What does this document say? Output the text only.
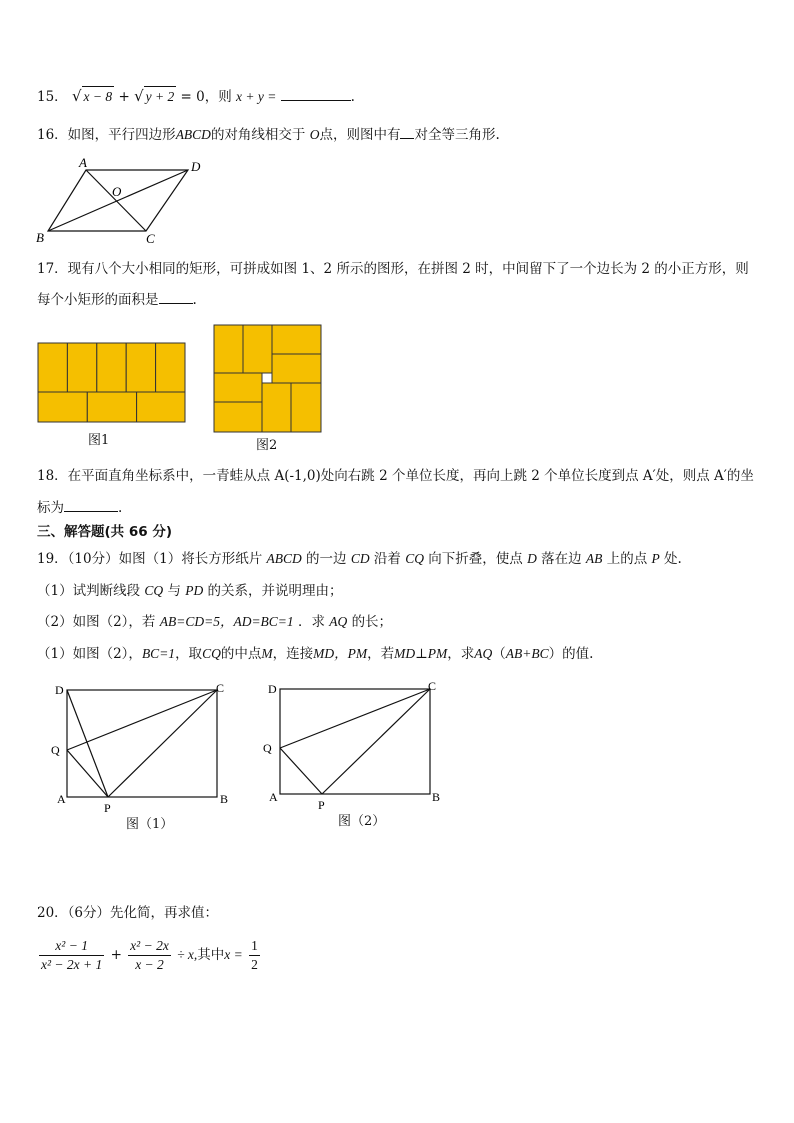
15． √ x − 8 + √ y + 2 = 0，则 x + y =	.
16．如图，平行四边形ABCD的对角线相交于 O点，则图中有 对全等三角形.
A	D
B	C
O
17．现有八个大小相同的矩形，可拼成如图 1、2 所示的图形，在拼图 2 时，中间留下了一个边长为 2 的小正方形，则
每个小矩形的面积是	.
图1	图2
18．在平面直角坐标系中，一青蛙从点 A(-1,0)处向右跳 2 个单位长度，再向上跳 2 个单位长度到点 A′处，则点 A′的坐
标为	.
三、解答题(共 66 分)
19．（10分）如图（1）将长方形纸片 ABCD 的一边 CD 沿着 CQ 向下折叠，使点 D 落在边 AB 上的点 P 处.
（1）试判断线段 CQ 与 PD 的关系，并说明理由；
（2）如图（2），若 AB=CD=5，AD=BC=1 ．求 AQ 的长；
（1）如图（2），BC=1，取CQ的中点M，连接MD，PM，若MD⊥PM，求AQ（AB+BC）的值.
D	C
Q
A
P
B
图（1）
D	C
Q
A
P
B
图（2）
20．（6分）先化简，再求值：
$\frac{\text{x² − 1}}{\text{x² − 2x + 1}} + \frac{\text{x² − 2x}}{x - 2} \div x$,其中$x = \frac{1}{2}$
